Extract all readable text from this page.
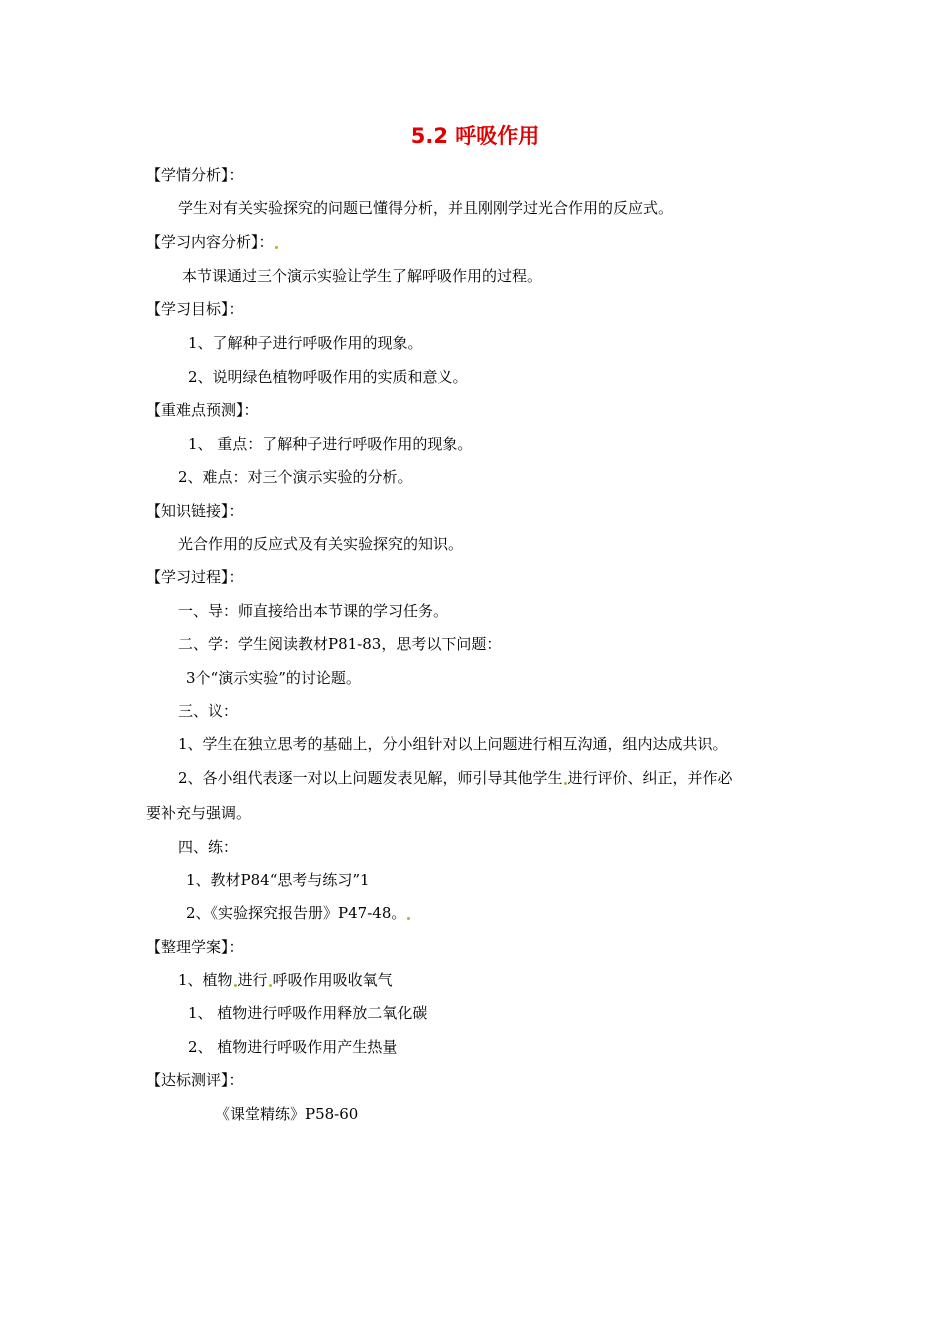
5.2 呼吸作用
【学情分析】：
学生对有关实验探究的问题已懂得分析，并且刚刚学过光合作用的反应式。
【学习内容分析】：
本节课通过三个演示实验让学生了解呼吸作用的过程。
【学习目标】：
1、了解种子进行呼吸作用的现象。
2、说明绿色植物呼吸作用的实质和意义。
【重难点预测】：
1、 重点：了解种子进行呼吸作用的现象。
2、难点：对三个演示实验的分析。
【知识链接】：
光合作用的反应式及有关实验探究的知识。
【学习过程】：
一、导：师直接给出本节课的学习任务。
二、学：学生阅读教材P81-83，思考以下问题：
3个“演示实验”的讨论题。
三、议：
1、学生在独立思考的基础上，分小组针对以上问题进行相互沟通，组内达成共识。
2、各小组代表逐一对以上问题发表见解，师引导其他学生 进行评价、纠正，并作必
要补充与强调。
四、练：
1、教材P84“思考与练习”1
2、《实验探究报告册》P47-48。
【整理学案】：
1、植物 进行 呼吸作用吸收氧气
1、 植物进行呼吸作用释放二氧化碳
2、 植物进行呼吸作用产生热量
【达标测评】：
《课堂精练》P58-60
